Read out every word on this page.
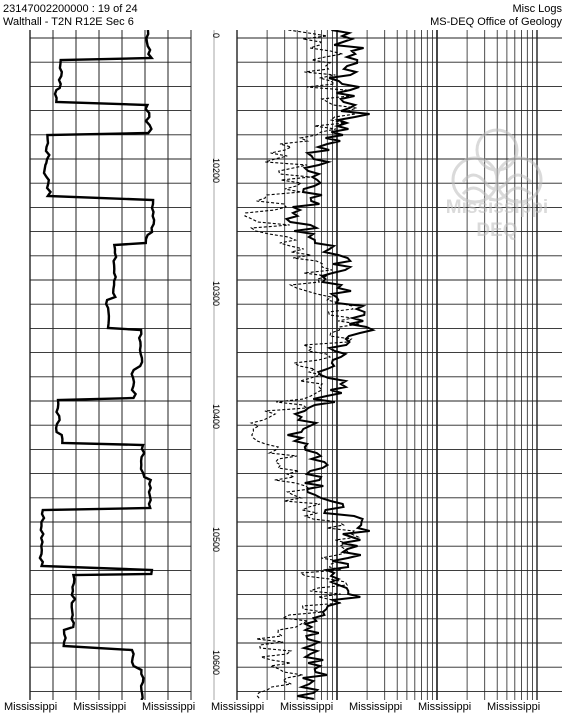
23147002200000 : 19 of 24
Walthall - T2N R12E Sec 6
Misc Logs
MS-DEQ Office of Geology
0
10200
10300
10400
10500
10600
Mississippi
DEQ
Mississippi Mississippi Mississippi Mississippi Mississippi Mississippi Mississippi Mississippi
